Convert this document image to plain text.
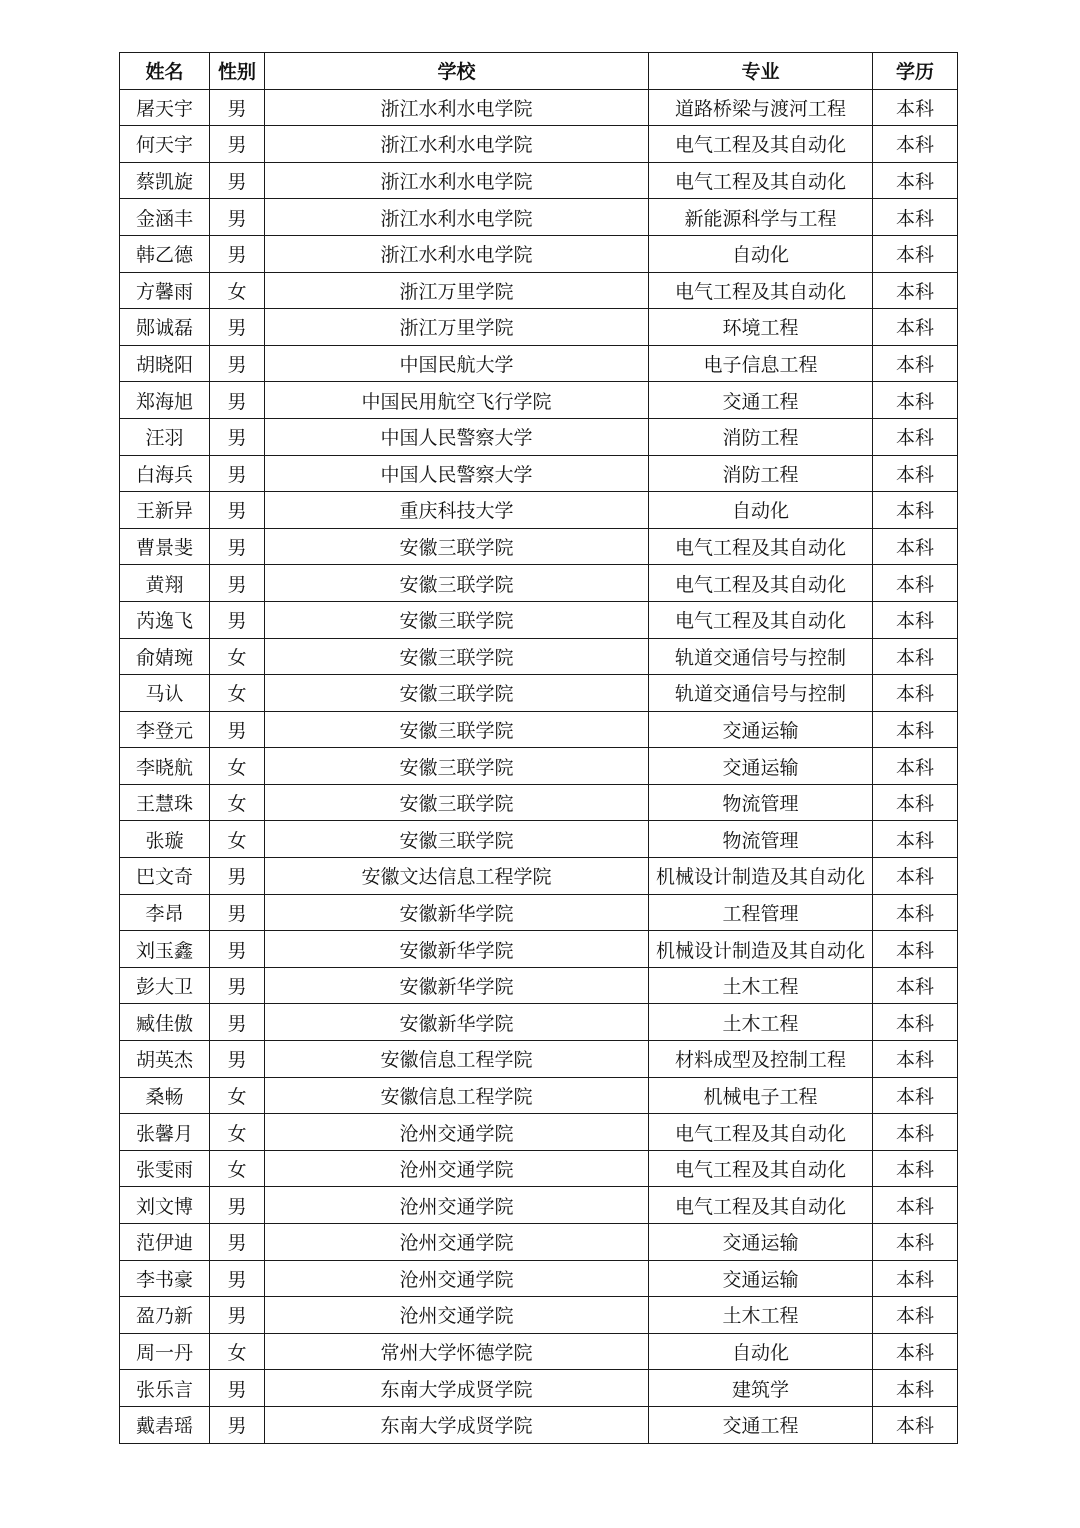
姓名	性别	学校	专业	学历
屠天宇	男	浙江水利水电学院	道路桥梁与渡河工程	本科
何天宇	男	浙江水利水电学院	电气工程及其自动化	本科
蔡凯旋	男	浙江水利水电学院	电气工程及其自动化	本科
金涵丰	男	浙江水利水电学院	新能源科学与工程	本科
韩乙德	男	浙江水利水电学院	自动化	本科
方馨雨	女	浙江万里学院	电气工程及其自动化	本科
郧诚磊	男	浙江万里学院	环境工程	本科
胡晓阳	男	中国民航大学	电子信息工程	本科
郑海旭	男	中国民用航空飞行学院	交通工程	本科
汪羽	男	中国人民警察大学	消防工程	本科
白海兵	男	中国人民警察大学	消防工程	本科
王新异	男	重庆科技大学	自动化	本科
曹景斐	男	安徽三联学院	电气工程及其自动化	本科
黄翔	男	安徽三联学院	电气工程及其自动化	本科
芮逸飞	男	安徽三联学院	电气工程及其自动化	本科
俞婧琬	女	安徽三联学院	轨道交通信号与控制	本科
马认	女	安徽三联学院	轨道交通信号与控制	本科
李登元	男	安徽三联学院	交通运输	本科
李晓航	女	安徽三联学院	交通运输	本科
王慧珠	女	安徽三联学院	物流管理	本科
张璇	女	安徽三联学院	物流管理	本科
巴文奇	男	安徽文达信息工程学院	机械设计制造及其自动化	本科
李昂	男	安徽新华学院	工程管理	本科
刘玉鑫	男	安徽新华学院	机械设计制造及其自动化	本科
彭大卫	男	安徽新华学院	土木工程	本科
臧佳傲	男	安徽新华学院	土木工程	本科
胡英杰	男	安徽信息工程学院	材料成型及控制工程	本科
桑畅	女	安徽信息工程学院	机械电子工程	本科
张馨月	女	沧州交通学院	电气工程及其自动化	本科
张雯雨	女	沧州交通学院	电气工程及其自动化	本科
刘文博	男	沧州交通学院	电气工程及其自动化	本科
范伊迪	男	沧州交通学院	交通运输	本科
李书豪	男	沧州交通学院	交通运输	本科
盈乃新	男	沧州交通学院	土木工程	本科
周一丹	女	常州大学怀德学院	自动化	本科
张乐言	男	东南大学成贤学院	建筑学	本科
戴砉瑶	男	东南大学成贤学院	交通工程	本科
